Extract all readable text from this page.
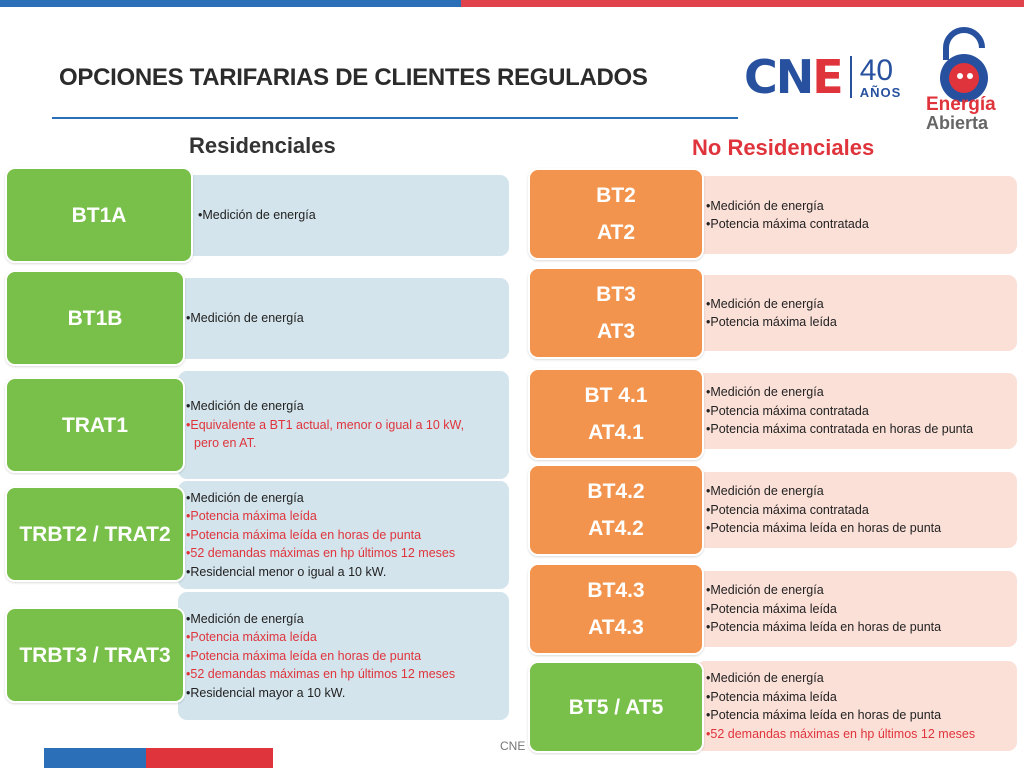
OPCIONES TARIFARIAS DE CLIENTES REGULADOS CNE 40
AÑOS
Energía
Abierta
Residenciales	No Residenciales
•Medición de energía
BT1A
•Medición de energía
BT1B
•Medición de energía
•Equivalente a BT1 actual, menor o igual a 10 kW,
pero en AT.
TRAT1
•Medición de energía
•Potencia máxima leída
•Potencia máxima leída en horas de punta
•52 demandas máximas en hp últimos 12 meses
•Residencial menor o igual a 10 kW.
TRBT2 / TRAT2
•Medición de energía
•Potencia máxima leída
•Potencia máxima leída en horas de punta
•52 demandas máximas en hp últimos 12 meses
•Residencial mayor a 10 kW.
TRBT3 / TRAT3
•Medición de energía
•Potencia máxima contratada
BT2
AT2
•Medición de energía
•Potencia máxima leída
BT3
AT3
•Medición de energía
•Potencia máxima contratada
•Potencia máxima contratada en horas de punta
BT 4.1
AT4.1
•Medición de energía
•Potencia máxima contratada
•Potencia máxima leída en horas de punta
BT4.2
AT4.2
•Medición de energía
•Potencia máxima leída
•Potencia máxima leída en horas de punta
BT4.3
AT4.3
•Medición de energía
•Potencia máxima leída
•Potencia máxima leída en horas de punta
•52 demandas máximas en hp últimos 12 meses
BT5 / AT5
CNE
